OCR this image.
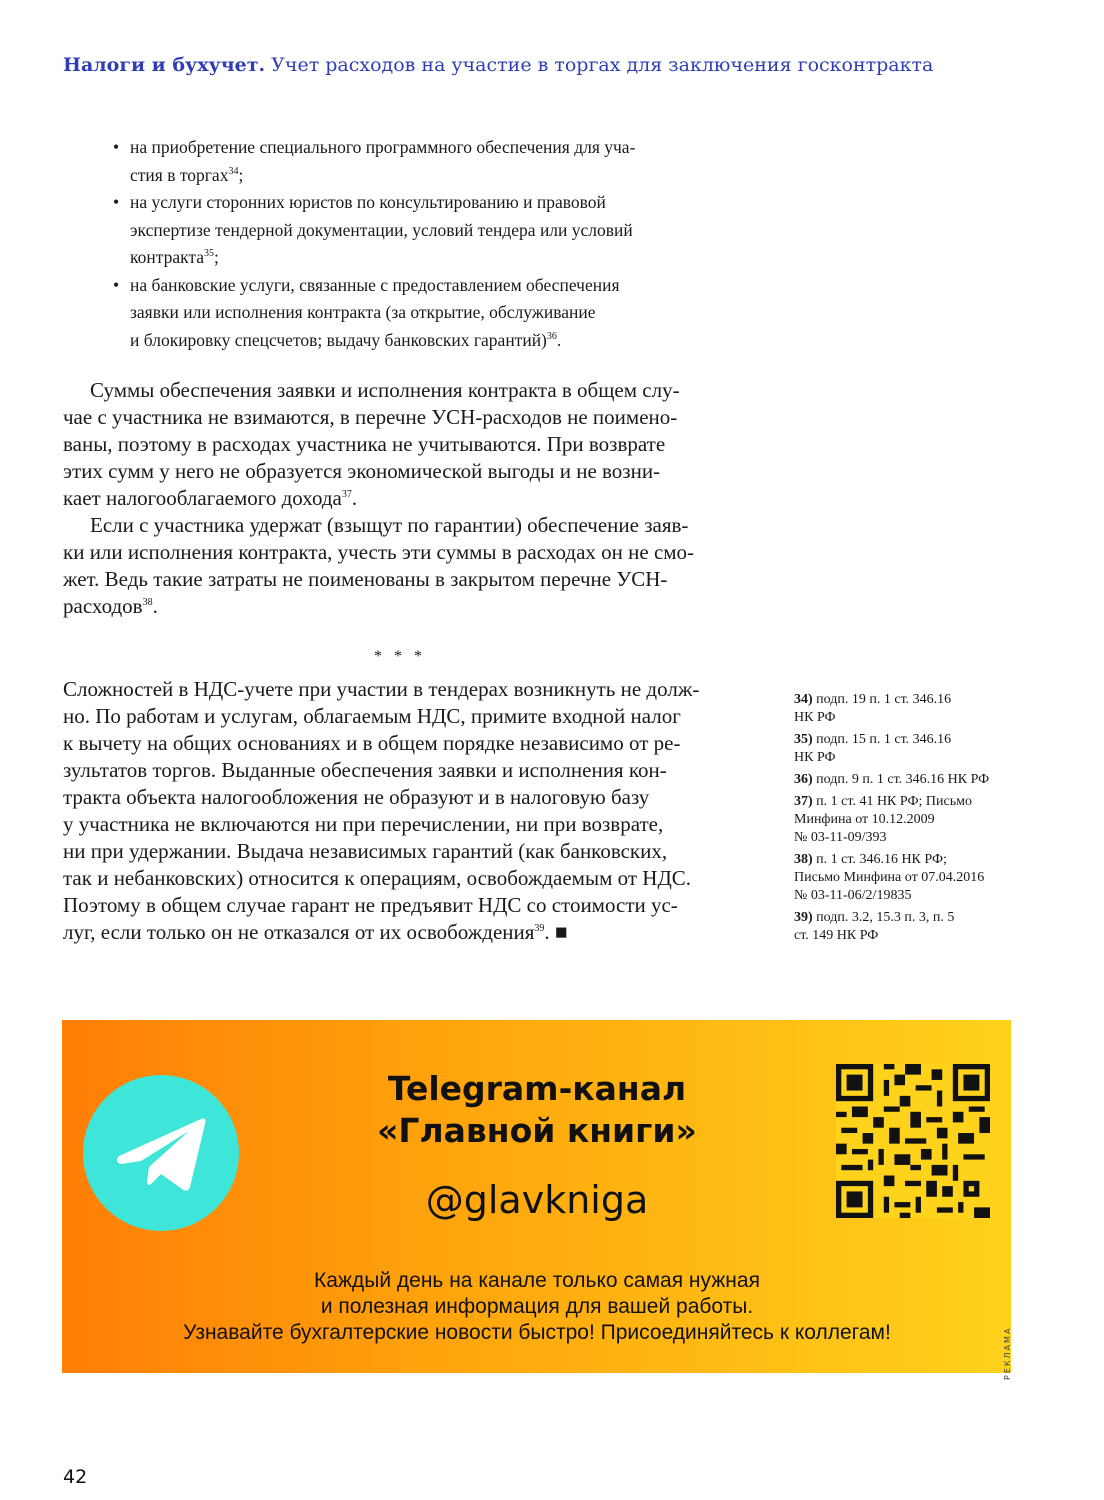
Налоги и бухучет. Учет расходов на участие в торгах для заключения госконтракта
• на приобретение специального программного обеспечения для уча-
стия в торгах$^{34}$;
• на услуги сторонних юристов по консультированию и правовой
экспертизе тендерной документации, условий тендера или условий
контракта$^{35}$;
• на банковские услуги, связанные с предоставлением обеспечения
заявки или исполнения контракта (за открытие, обслуживание
и блокировку спецсчетов; выдачу банковских гарантий)$^{36}$.
Суммы обеспечения заявки и исполнения контракта в общем слу-
чае с участника не взимаются, в перечне УСН-расходов не поимено-
ваны, поэтому в расходах участника не учитываются. При возврате
этих сумм у него не образуется экономической выгоды и не возни-
кает налогооблагаемого дохода$^{37}$.
Если с участника удержат (взыщут по гарантии) обеспечение заяв-
ки или исполнения контракта, учесть эти суммы в расходах он не смо-
жет. Ведь такие затраты не поименованы в закрытом перечне УСН-
расходов$^{38}$.
* * *
Сложностей в НДС-учете при участии в тендерах возникнуть не долж-
но. По работам и услугам, облагаемым НДС, примите входной налог
к вычету на общих основаниях и в общем порядке независимо от ре-
зультатов торгов. Выданные обеспечения заявки и исполнения кон-
тракта объекта налогообложения не образуют и в налоговую базу
у участника не включаются ни при перечислении, ни при возврате,
ни при удержании. Выдача независимых гарантий (как банковских,
так и небанковских) относится к операциям, освобождаемым от НДС.
Поэтому в общем случае гарант не предъявит НДС со стоимости ус-
луг, если только он не отказался от их освобождения$^{39}$. ■
34) подп. 19 п. 1 ст. 346.16
НК РФ
35) подп. 15 п. 1 ст. 346.16
НК РФ
36) подп. 9 п. 1 ст. 346.16 НК РФ
37) п. 1 ст. 41 НК РФ; Письмо
Минфина от 10.12.2009
№ 03-11-09/393
38) п. 1 ст. 346.16 НК РФ;
Письмо Минфина от 07.04.2016
№ 03-11-06/2/19835
39) подп. 3.2, 15.3 п. 3, п. 5
ст. 149 НК РФ
Telegram-канал
«Главной книги»
@glavkniga
Каждый день на канале только самая нужная
и полезная информация для вашей работы.
Узнавайте бухгалтерские новости быстро! Присоединяйтесь к коллегам!	РЕКЛАМА
42
